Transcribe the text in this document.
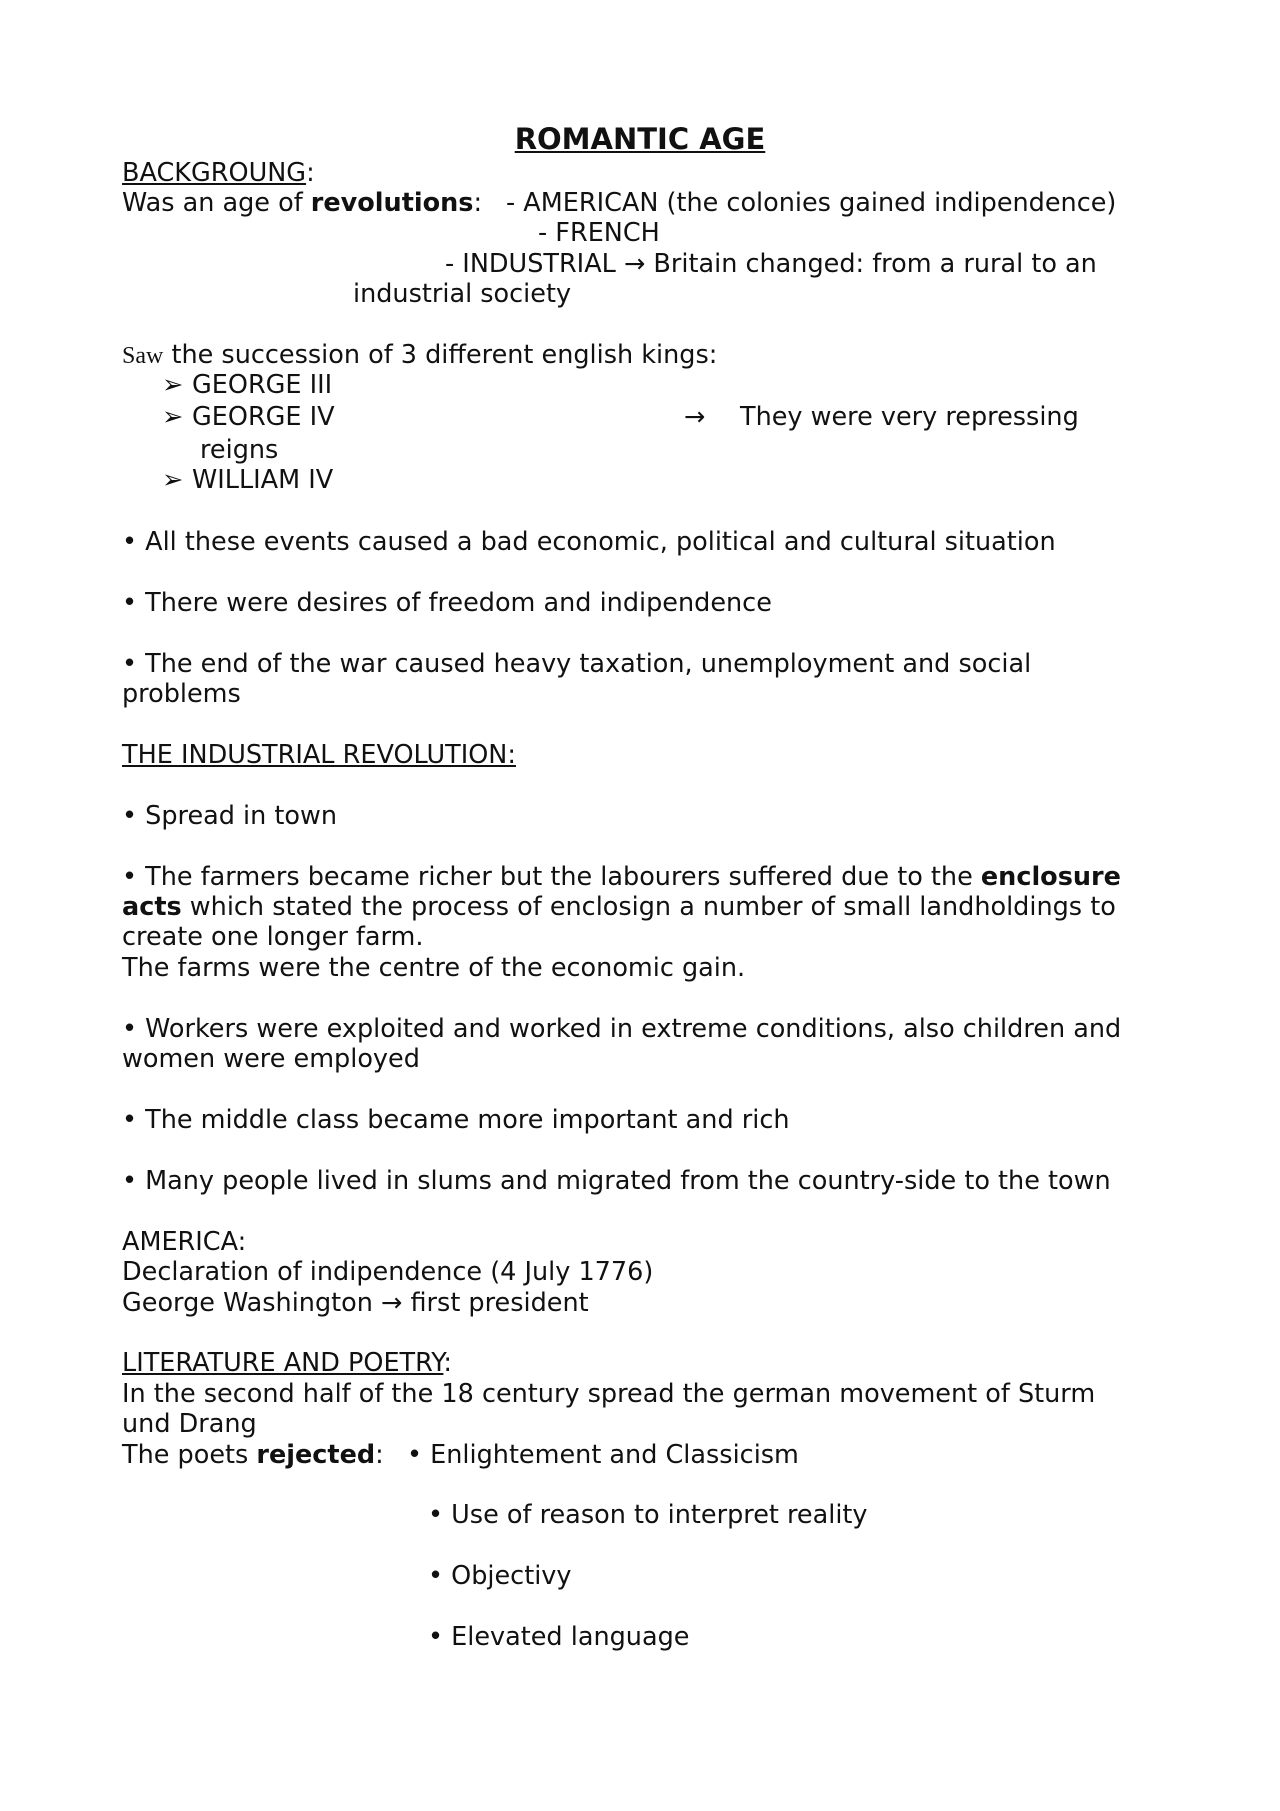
ROMANTIC AGE
BACKGROUNG:
Was an age of revolutions: - AMERICAN (the colonies gained indipendence)
- FRENCH
- INDUSTRIAL → Britain changed: from a rural to an
industrial society
Saw the succession of 3 different english kings:
➢ GEORGE III
➢ GEORGE IV	→ They were very repressing
reigns
➢ WILLIAM IV
• All these events caused a bad economic, political and cultural situation
• There were desires of freedom and indipendence
• The end of the war caused heavy taxation, unemployment and social
problems
THE INDUSTRIAL REVOLUTION:
• Spread in town
• The farmers became richer but the labourers suffered due to the enclosure
acts which stated the process of enclosign a number of small landholdings to
create one longer farm.
The farms were the centre of the economic gain.
• Workers were exploited and worked in extreme conditions, also children and
women were employed
• The middle class became more important and rich
• Many people lived in slums and migrated from the country-side to the town
AMERICA:
Declaration of indipendence (4 July 1776)
George Washington → first president
LITERATURE AND POETRY:
In the second half of the 18 century spread the german movement of Sturm
und Drang
The poets rejected: • Enlightement and Classicism
• Use of reason to interpret reality
• Objectivy
• Elevated language
